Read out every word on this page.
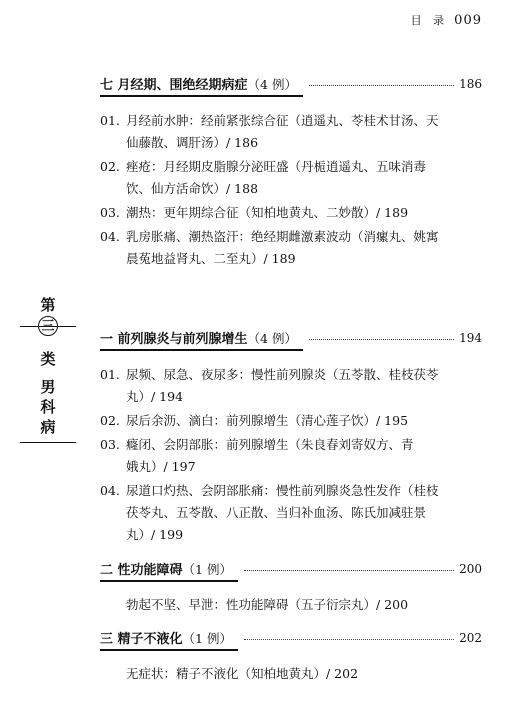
目 录 009
七 月经期、围绝经期病症（4 例）	186
01. 月经前水肿：经前紧张综合征（逍遥丸、苓桂术甘汤、天
仙藤散、调肝汤）/ 186
02. 痤疮：月经期皮脂腺分泌旺盛（丹栀逍遥丸、五味消毒
饮、仙方活命饮）/ 188
03. 潮热：更年期综合征（知柏地黄丸、二妙散）/ 189
04. 乳房胀痛、潮热盗汗：绝经期雌激素波动（消瘰丸、姚寓
晨菟地益肾丸、二至丸）/ 189
第
三
类
男
科
病
一 前列腺炎与前列腺增生（4 例）	194
01. 尿频、尿急、夜尿多：慢性前列腺炎（五苓散、桂枝茯苓
丸）/ 194
02. 尿后余沥、滴白：前列腺增生（清心莲子饮）/ 195
03. 癃闭、会阴部胀：前列腺增生（朱良春刘寄奴方、青
娥丸）/ 197
04. 尿道口灼热、会阴部胀痛：慢性前列腺炎急性发作（桂枝
茯苓丸、五苓散、八正散、当归补血汤、陈氏加减驻景
丸）/ 199
二 性功能障碍（1 例）	200
勃起不坚、早泄：性功能障碍（五子衍宗丸）/ 200
三 精子不液化（1 例）	202
无症状：精子不液化（知柏地黄丸）/ 202
